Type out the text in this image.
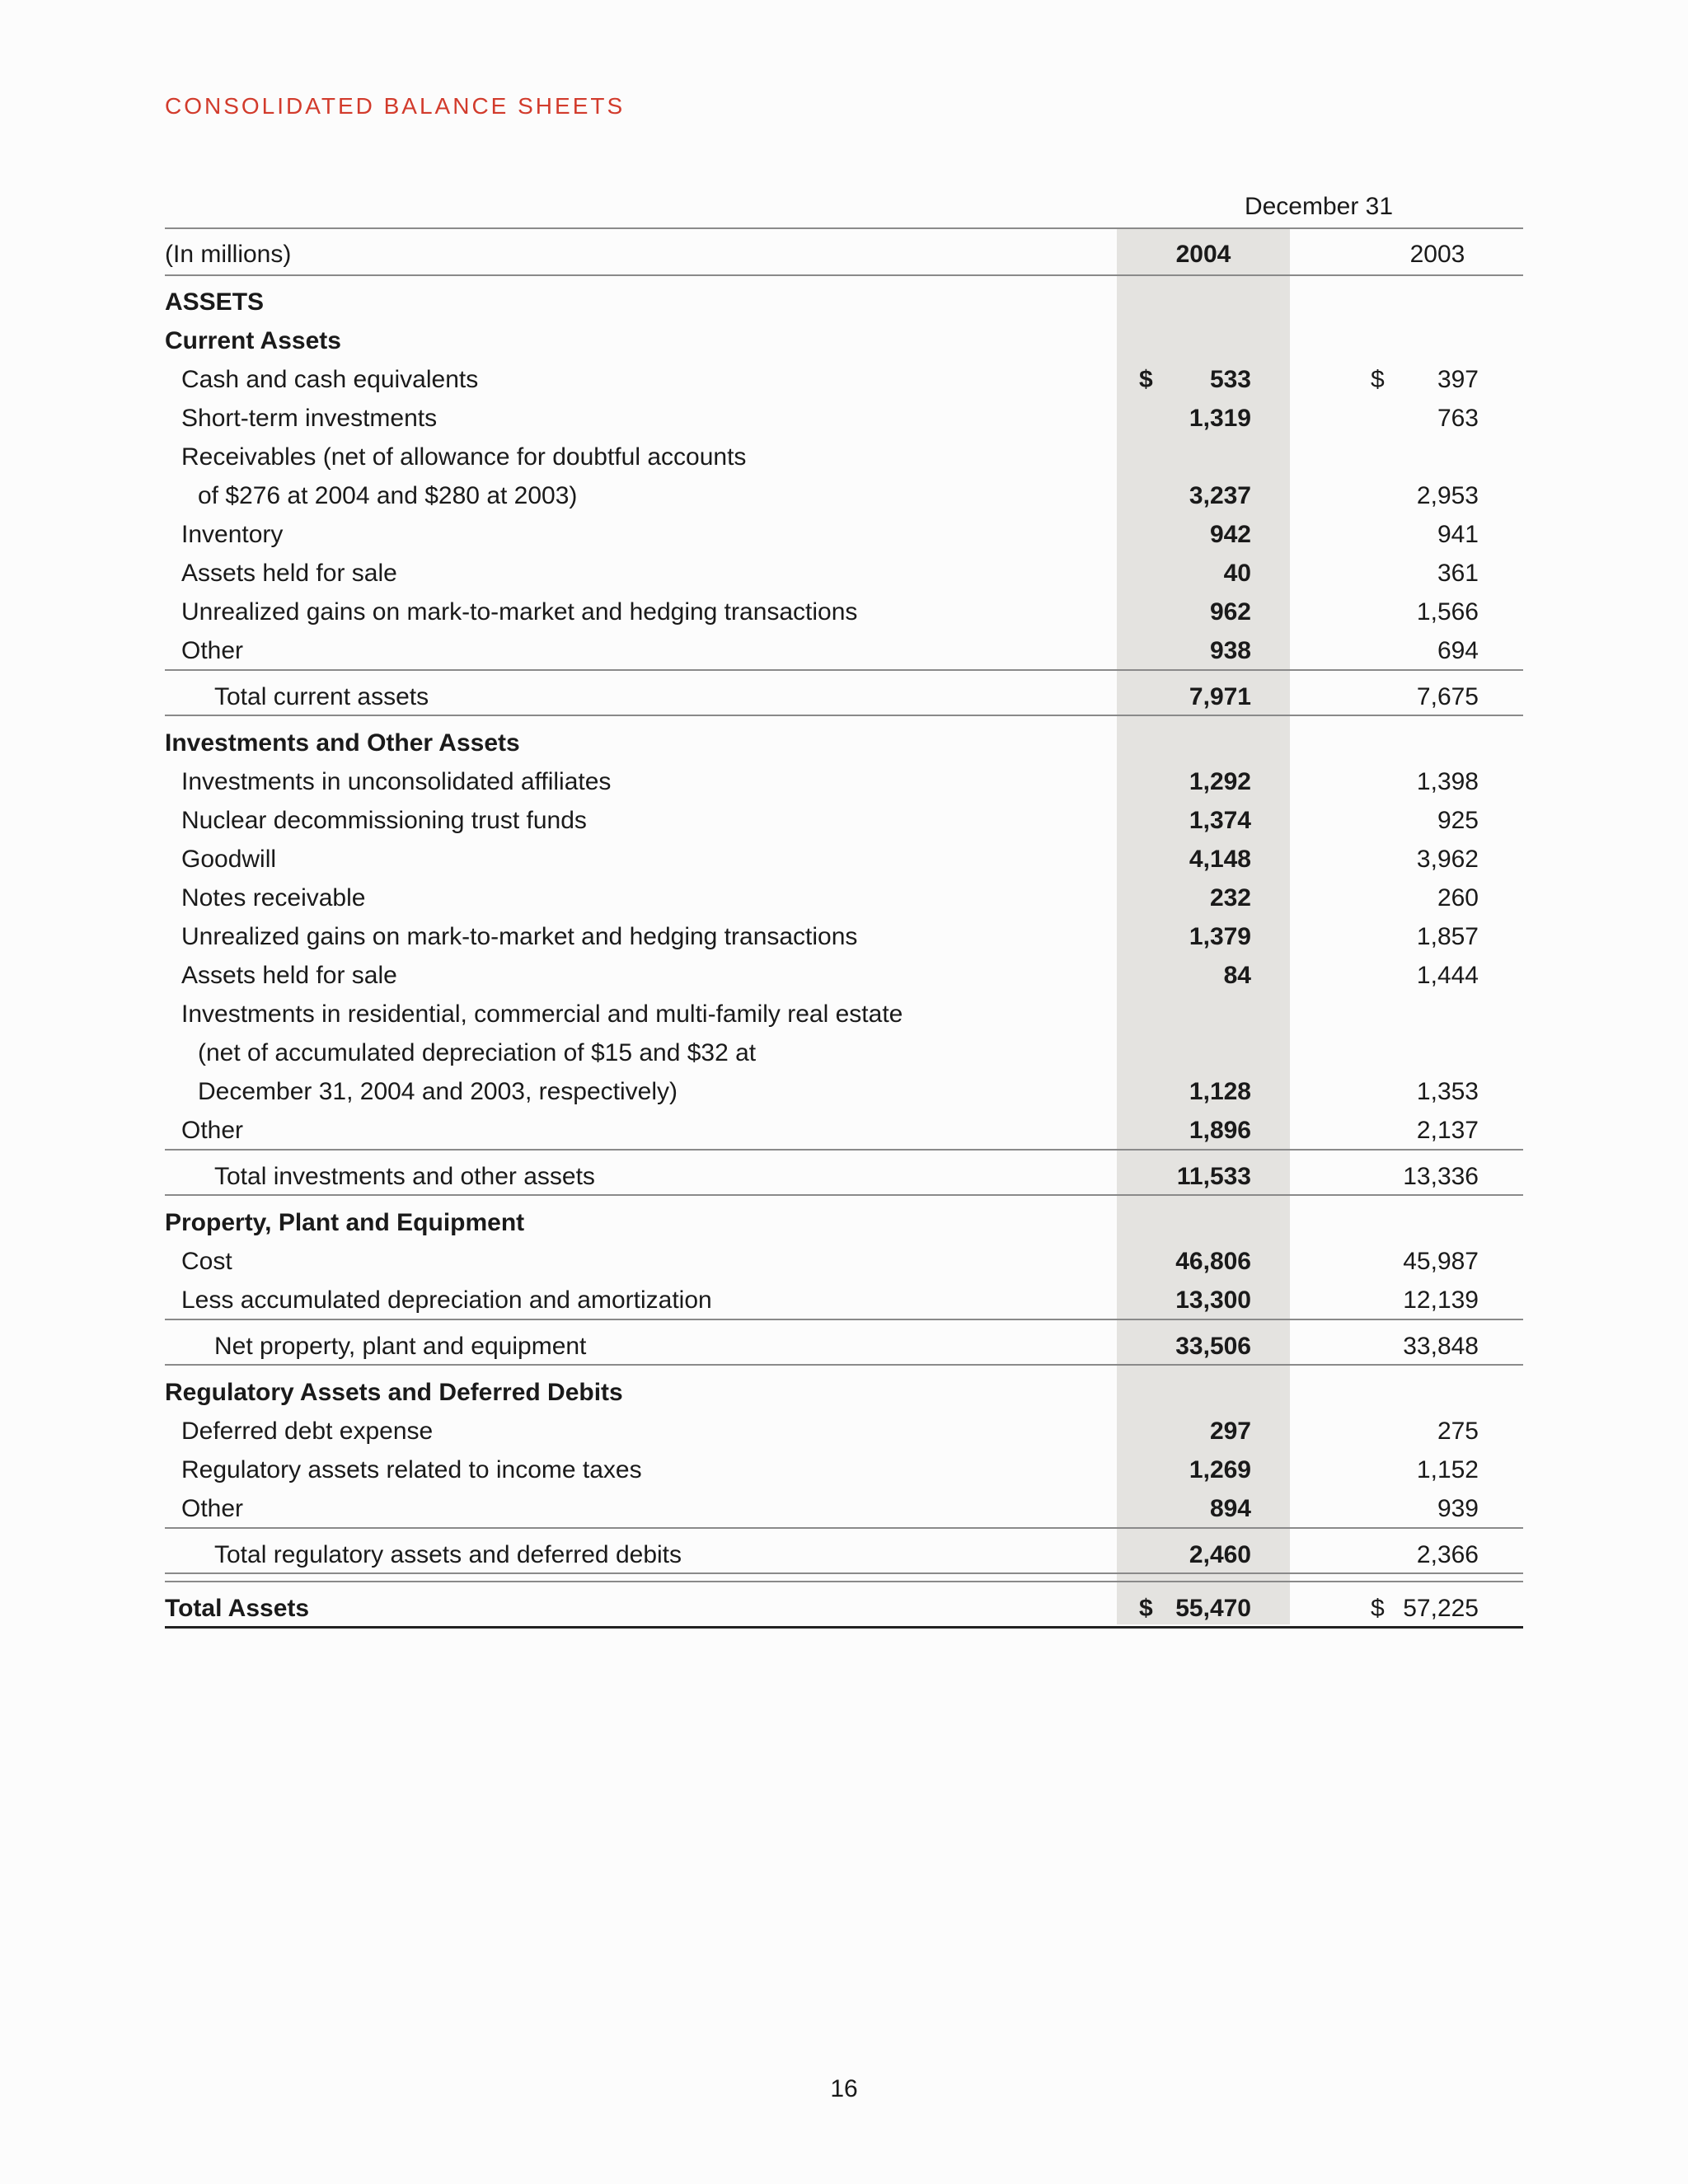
CONSOLIDATED BALANCE SHEETS
December 31
(In millions)	2004	2003
ASSETS
Current Assets
Cash and cash equivalents	$ 533	$ 397
Short-term investments	1,319	763
Receivables (net of allowance for doubtful accounts
of $276 at 2004 and $280 at 2003)	3,237	2,953
Inventory	942	941
Assets held for sale	40	361
Unrealized gains on mark-to-market and hedging transactions	962	1,566
Other	938	694
Total current assets	7,971	7,675
Investments and Other Assets
Investments in unconsolidated affiliates	1,292	1,398
Nuclear decommissioning trust funds	1,374	925
Goodwill	4,148	3,962
Notes receivable	232	260
Unrealized gains on mark-to-market and hedging transactions	1,379	1,857
Assets held for sale	84	1,444
Investments in residential, commercial and multi-family real estate
(net of accumulated depreciation of $15 and $32 at
December 31, 2004 and 2003, respectively)	1,128	1,353
Other	1,896	2,137
Total investments and other assets	11,533	13,336
Property, Plant and Equipment
Cost	46,806	45,987
Less accumulated depreciation and amortization	13,300	12,139
Net property, plant and equipment	33,506	33,848
Regulatory Assets and Deferred Debits
Deferred debt expense	297	275
Regulatory assets related to income taxes	1,269	1,152
Other	894	939
Total regulatory assets and deferred debits	2,460	2,366
Total Assets	$ 55,470	$ 57,225
16
